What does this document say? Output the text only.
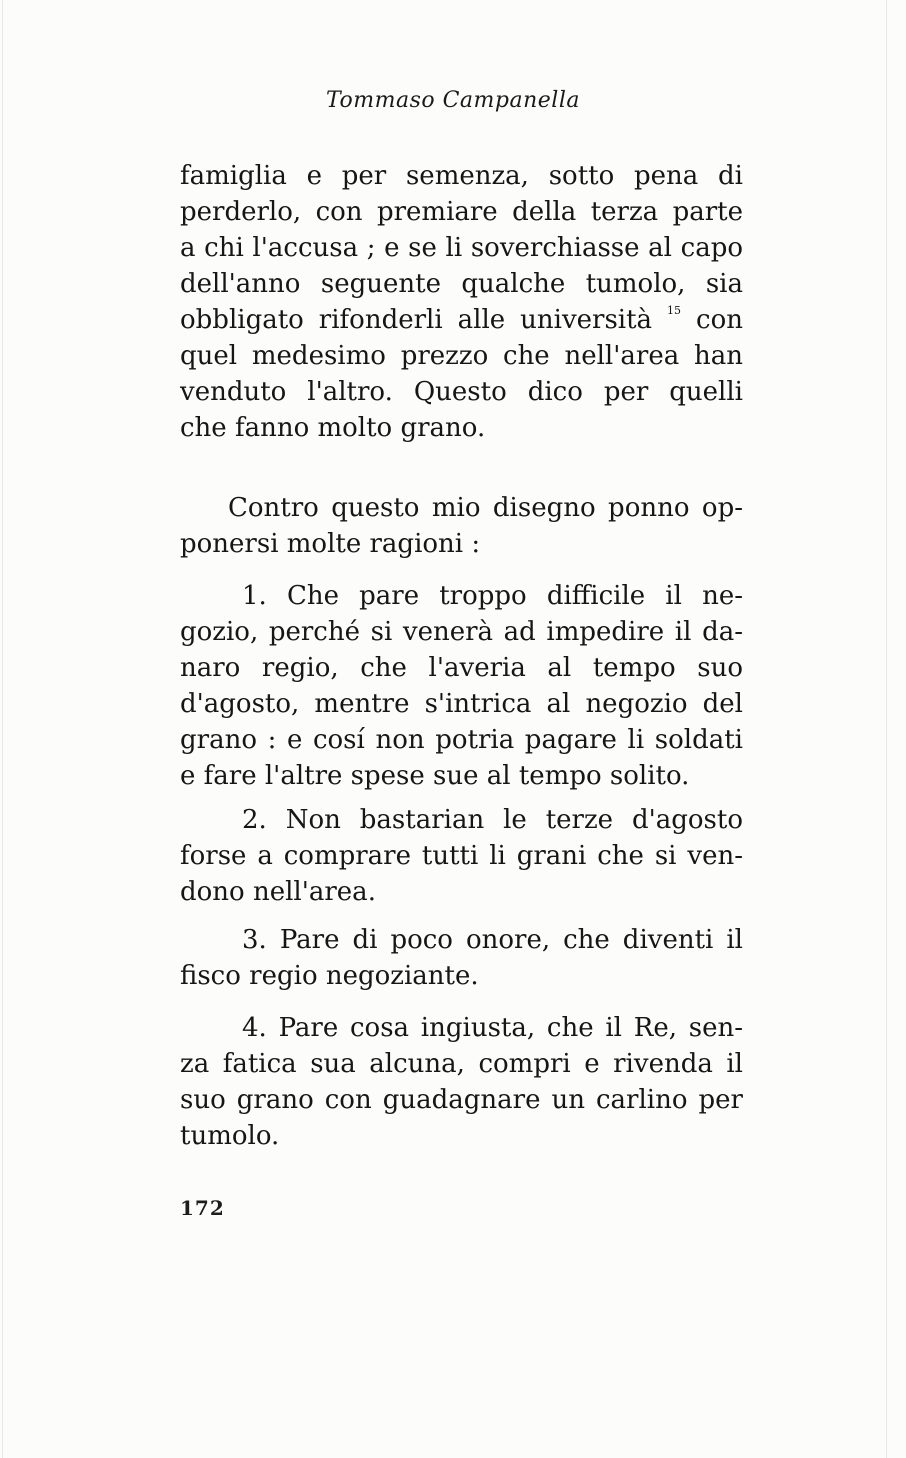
Tommaso Campanella
famiglia e per semenza, sotto pena di
perderlo, con premiare della terza parte
a chi l'accusa ; e se li soverchiasse al capo
dell'anno seguente qualche tumolo, sia
obbligato rifonderli alle università $^{15}$ con
quel medesimo prezzo che nell'area han
venduto l'altro. Questo dico per quelli
che fanno molto grano.
Contro questo mio disegno ponno op-
ponersi molte ragioni :
1. Che pare troppo difficile il ne-
gozio, perché si venerà ad impedire il da-
naro regio, che l'averia al tempo suo
d'agosto, mentre s'intrica al negozio del
grano : e cosí non potria pagare li soldati
e fare l'altre spese sue al tempo solito.
2. Non bastarian le terze d'agosto
forse a comprare tutti li grani che si ven-
dono nell'area.
3. Pare di poco onore, che diventi il
fisco regio negoziante.
4. Pare cosa ingiusta, che il Re, sen-
za fatica sua alcuna, compri e rivenda il
suo grano con guadagnare un carlino per
tumolo.
172
